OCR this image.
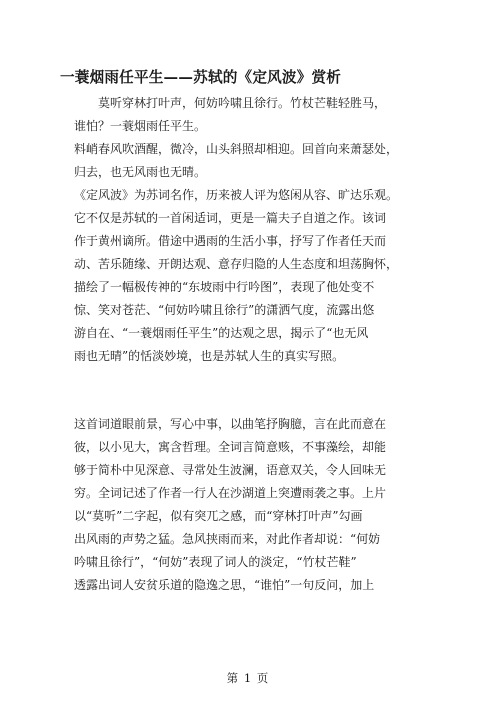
一蓑烟雨任平生——苏轼的《定风波》赏析

　　莫听穿林打叶声，何妨吟啸且徐行。竹杖芒鞋轻胜马，

谁怕？一蓑烟雨任平生。

料峭春风吹酒醒，微冷，山头斜照却相迎。回首向来萧瑟处，

归去，也无风雨也无晴。

《定风波》为苏词名作，历来被人评为悠闲从容、旷达乐观。

它不仅是苏轼的一首闲适词，更是一篇夫子自道之作。该词

作于黄州谪所。借途中遇雨的生活小事，抒写了作者任天而

动、苦乐随缘、开朗达观、意存归隐的人生态度和坦荡胸怀，

描绘了一幅极传神的“东坡雨中行吟图”，表现了他处变不

惊、笑对苍茫、“何妨吟啸且徐行”的潇洒气度，流露出悠

游自在、“一蓑烟雨任平生”的达观之思，揭示了“也无风

雨也无晴”的恬淡妙境，也是苏轼人生的真实写照。

这首词道眼前景，写心中事，以曲笔抒胸臆，言在此而意在

彼，以小见大，寓含哲理。全词言简意赅，不事藻绘，却能

够于简朴中见深意、寻常处生波澜，语意双关，令人回味无

穷。全词记述了作者一行人在沙湖道上突遭雨袭之事。上片

以“莫听”二字起，似有突兀之感，而“穿林打叶声”勾画

出风雨的声势之猛。急风挟雨而来，对此作者却说：“何妨

吟啸且徐行”，“何妨”表现了词人的淡定，“竹杖芒鞋”

透露出词人安贫乐道的隐逸之思，“谁怕”一句反问，加上

第 1 页
